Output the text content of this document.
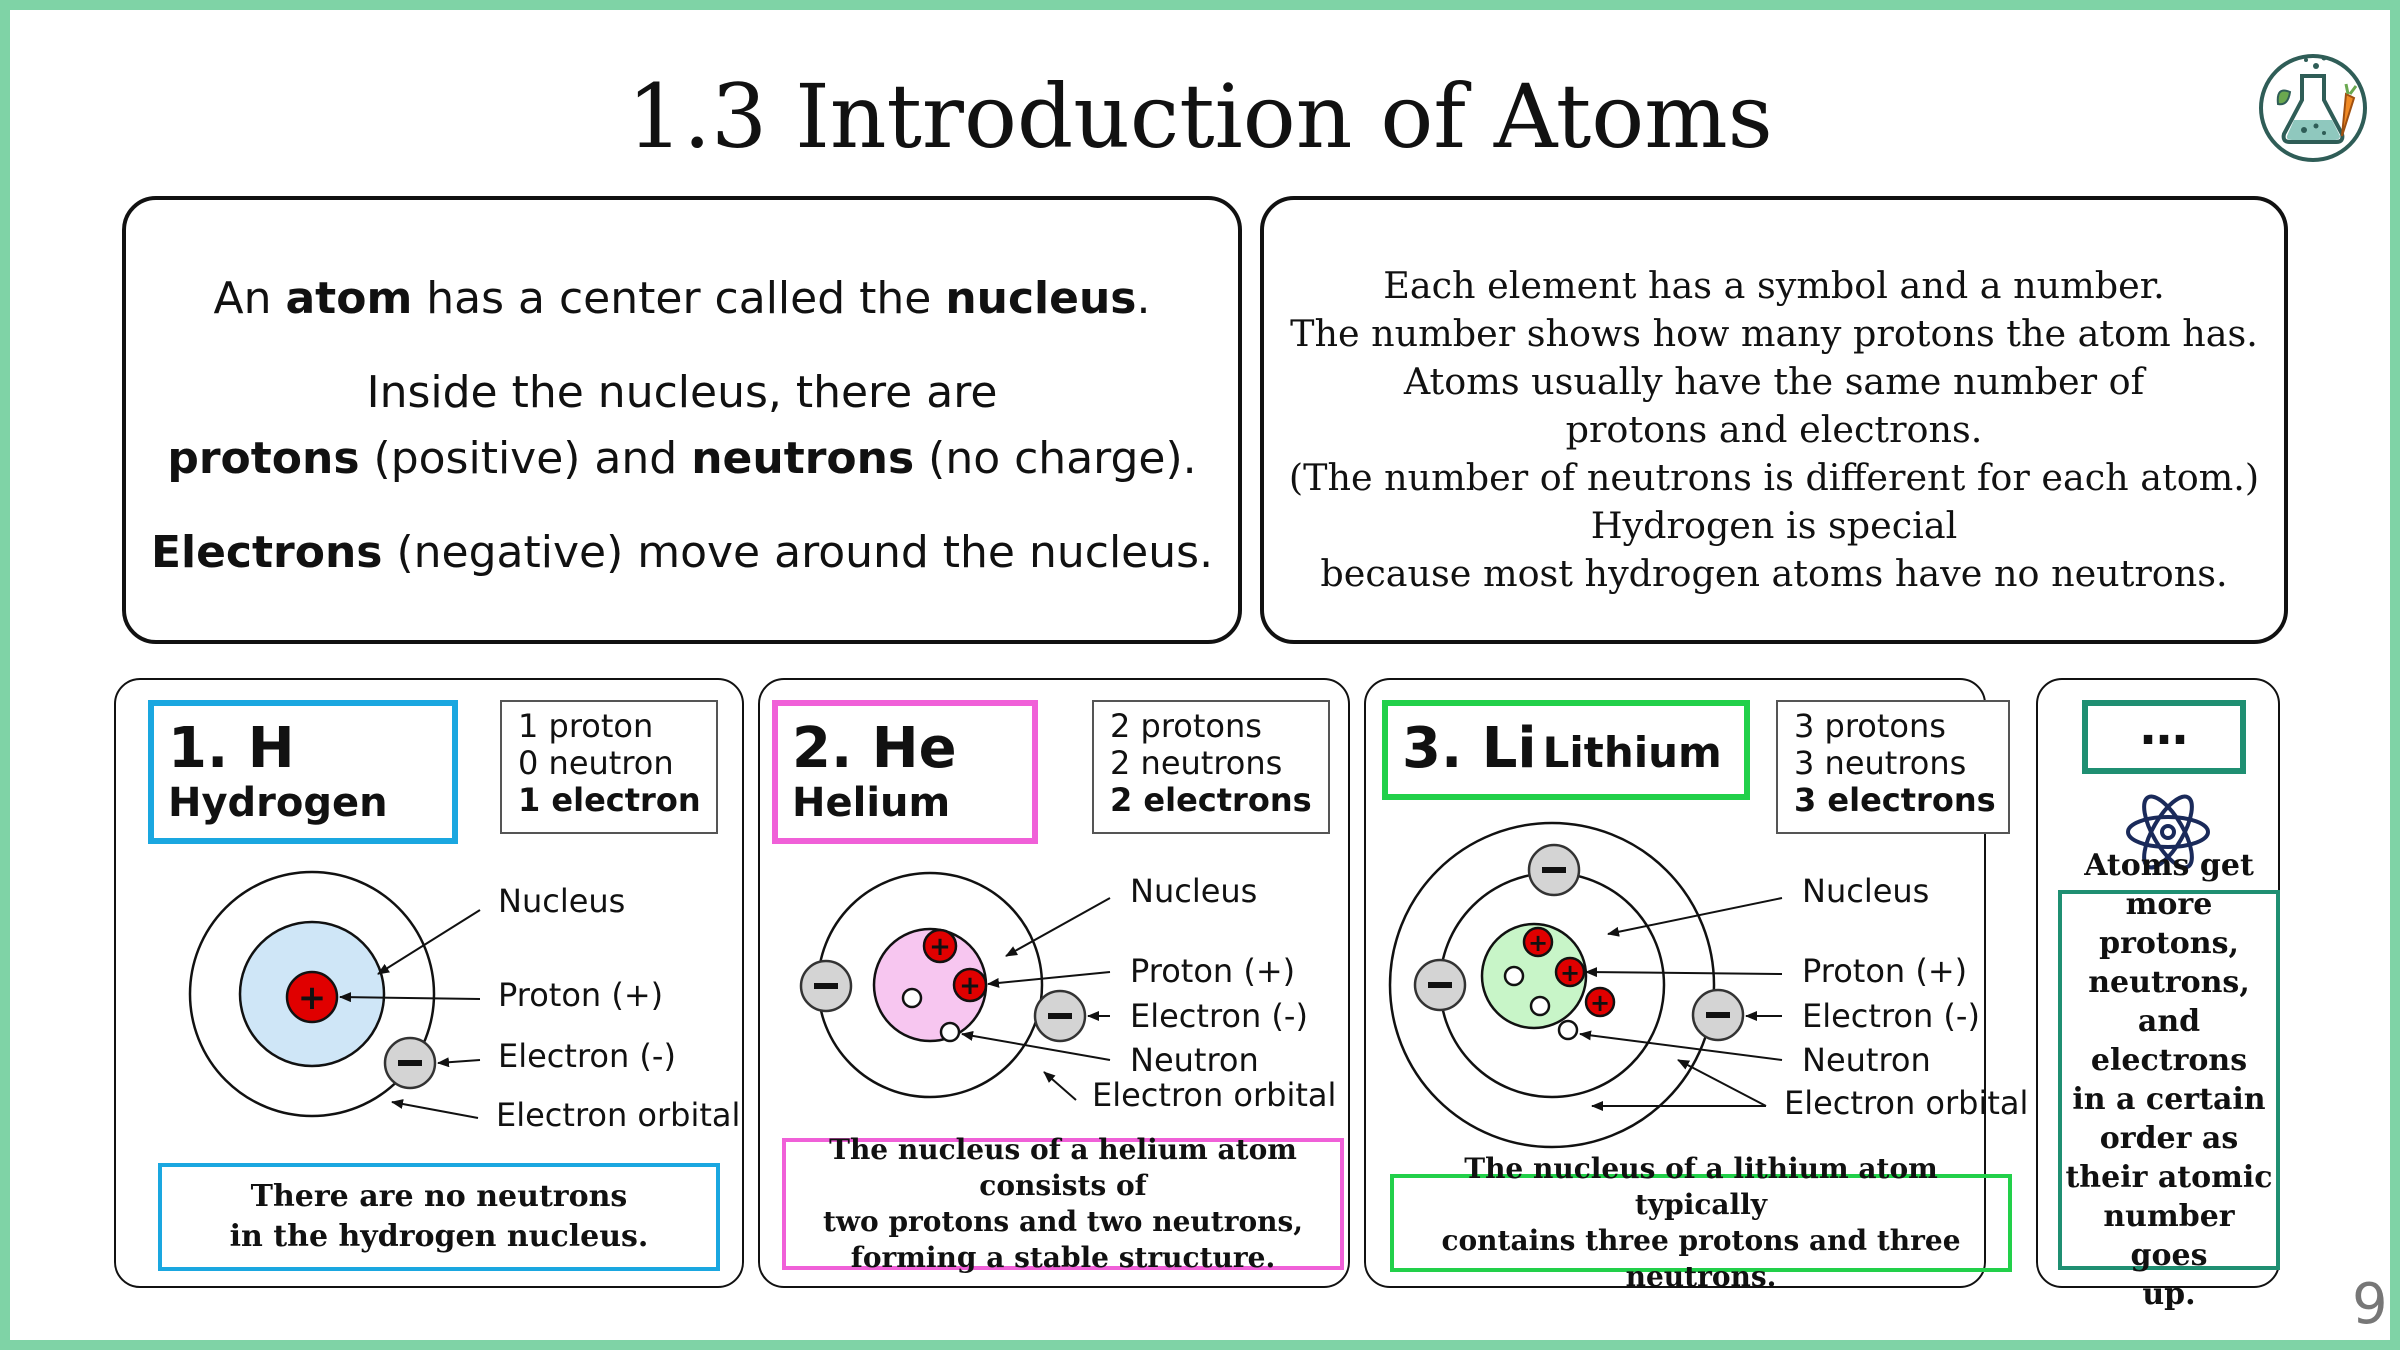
1.3 Introduction of Atoms

An atom has a center called the nucleus.

Inside the nucleus, there are

protons (positive) and neutrons (no charge).

Electrons (negative) move around the nucleus.

Each element has a symbol and a number.
The number shows how many protons the atom has.
Atoms usually have the same number of
protons and electrons.
(The number of neutrons is different for each atom.)
Hydrogen is special
because most hydrogen atoms have no neutrons.
1. H
Hydrogen
1 proton
0 neutron
1 electron
2. He
Helium
2 protons
2 neutrons
2 electrons
3. Li Lithium
3 protons
3 neutrons
3 electrons
…
+
+
+
+
+
+
Nucleus
Proton (+)
Electron (-)
Electron orbital
Nucleus
Proton (+)
Electron (-)
Neutron
Electron orbital
Nucleus
Proton (+)
Electron (-)
Neutron
Electron orbital
There are no neutrons
in the hydrogen nucleus.
The nucleus of a helium atom consists of
two protons and two neutrons,
forming a stable structure.
The nucleus of a lithium atom typically
contains three protons and three neutrons.
Atoms get
more protons,
neutrons,
and electrons
in a certain
order as
their atomic
number goes
up.	9
